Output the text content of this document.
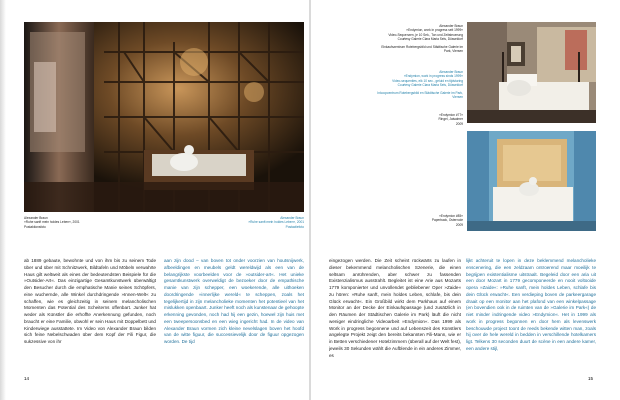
Alexander Braun
»Ruhe sanft mein holdes Leben«, 2001
Postaktionsfoto
Alexander Braun
»Ruhe sanft mein holdes Leben«, 2001
Postactiefoto
ab 1889 gebaute, bewohnte und von ihm bis zu seinem Tode über und über mit Schnitzwerk, Bildtafeln und Möbeln verwahrte Haus gilt weltweit als eines der bedeutendsten Beispiele für die »Outsider-Art«. Das einzigartige Gesamtkunstwerk überwältigt den Besucher durch die emphatische Manie seines Schöpfers, eine wuchernde, alle Winkel durchdringende »Innen-Welt« zu schaffen, wie es gleichzeitig in seinem melancholischen Momenten das Potential des Scheiterns offenbart. Junker hat weder als Künstler die erhoffte Anerkennung gefunden, noch braucht er eine Familie, obwohl er sein Haus mit Doppelbett und Kinderwiege ausstattete. Im Video von Alexander Braun bilden sich feine Nebelschwaden über dem Kopf der Fili Figur, die sukzessive von ihr
aan zijn dood – van boven tot onder voorzien van houtsnijwerk, afbeeldingen en meubels geldt wereldwijd als een van de belangrijkste voorbeelden voor de »outsider-art«. Het unieke gesamtkunstwerk overweldigt de bezoeker door de empathische manie van zijn schepper, een woekerende, alle uithoeken doordringende »innerlijke wereld« te scheppen, zoals het tegelijkertijd in zijn melancholieke momenten het potentieel van het mislukken openbaart. Junker heeft noch als kunstenaar de gehoopte erkenning gevonden, noch had hij een gezin, hoewel zijn huis met een tweepersoonsbed en een wieg ingericht had. In de video van Alexander Braun vormen zich kleine nevelslagen boven het hoofd van de witte figuur, die successievelijk door de figuur opgezogen worden. De tijd
14
Alexander Braun
»Endymion, work in progress seit 1999«
Video-Sequenzen, je 10 Sek., Ton und Zeitsteuerung
Courtesy Galerie Clara Maria Sels, Düsseldorf
Einkaufszentrum Rotebergsbild und Städtische Galerie im Park, Viersen
Alexander Braun
»Endymion, work in progress sinds 1999«
Video-sequenties, elk 10 sec., geluid en tijdsturing
Courtesy Galerie Clara Maria Sels, Düsseldorf
Inkoopcentrum Rotebergsbild en Städtische Galerie im Park, Viersen
»Endymion #77«
Ringel, Jaisalmer
2009
»Endymion #85«
Paperback, Osterrode
2009
eingezogen werden. Die Zeit scheint rückwärts zu laufen in dieser bekemmend melancholischen Szenerie, die einen seltsam anrührenden, aber schwer zu fassenden Existenzialismus ausstrahlt. Begleitet ist eine Arie aus Mozarts 1779 komponierter und unvollendet gebliebener Oper »Zaide« zu hören: »Ruhe sanft, mein holdes Leben, schlafe, bis dein Glück erwacht«. Ein Großbild wirkt dem Parkhaus auf einem Monitor an der Decke der Einkaufspassage (und zusätzlich in den Räumen der Städtischen Galerie im Park) läuft die nicht weniger eindringliche Videoarbeit »Endymion«. Das 1999 als Work in progress begonnene und auf Lebenszeit des Künstlers angelegte Projekt zeigt den bereits bekannten Fili-Mann, wie er in Betten verschiedener Hotelzimmern (überall auf der Welt fest), jeweils 30 Sekunden wählt die Aufblende in ein anderes Zimmer, es
lijkt achteruit te lopen in deze beklemmend melancholieke enscenering, die een zeldzaam ontroerend maar moeilijk te begrijpen existentialisme uitstraalt. Begeleid door een aria uit een door Mozart in 1779 gecomponeerde en nooit voltooide opera »Zaide«: »Ruhe sanft, mein holdes Leben, schlafe bis dein Glück erwacht«. Een verdieping boven de parkeergarage draait op een monitor aan het plafond van een winkelpassage (en bovendien ook in de ruimten van de »Galerie im Park«) de niet minder indringende video »Endymion«. Het in 1999 als work in progress begonnen en door hem als levenswerk beschouwde project toont de reeds bekende witten man, zoals hij over de hele wereld in bedden in verschillende hotelkamers ligt. Telkens 30 seconden duurt de scène in een andere kamer, een andere stijl,
15
